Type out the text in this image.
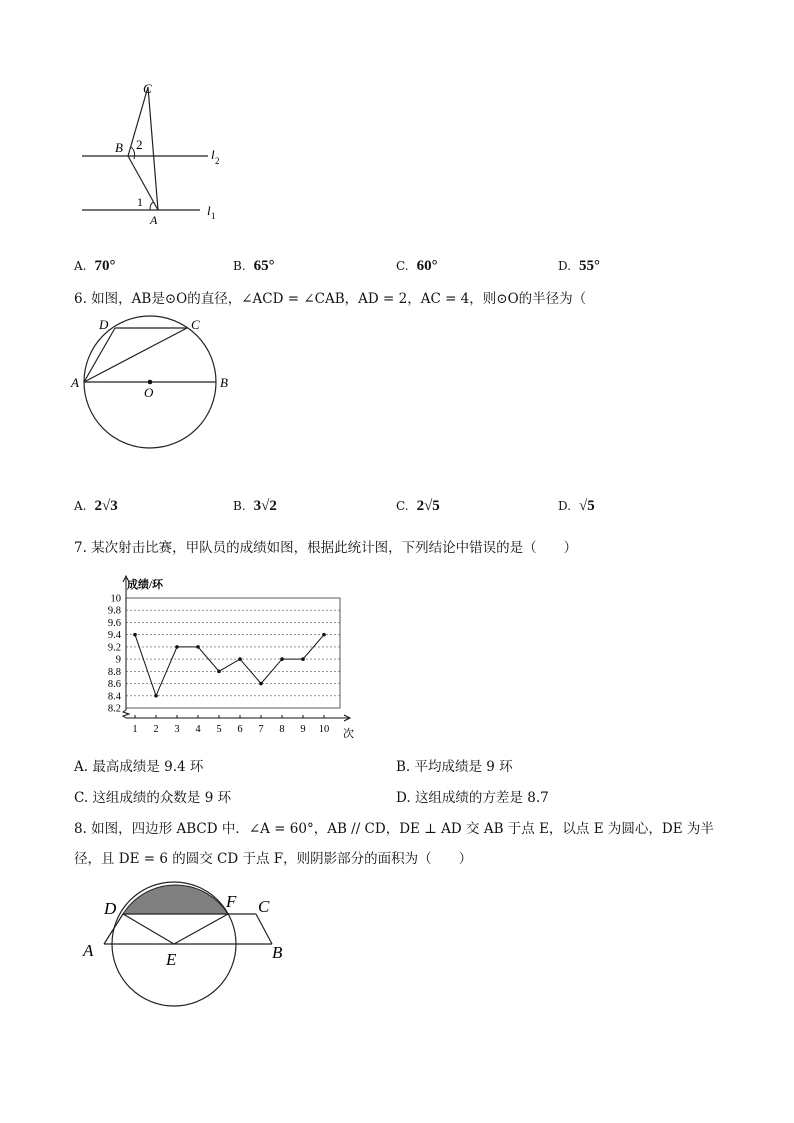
C
B 2
1
A
l 2
l 1
A. 70°	B. 65°	C. 60°	D. 55°
6. 如图，AB是⊙O的直径，∠ACD = ∠CAB，AD = 2，AC = 4，则⊙O的半径为（
D	C
A	B
O
A. 2√3	B. 3√2	C. 2√5	D. √5
7. 某次射击比赛，甲队员的成绩如图，根据此统计图，下列结论中错误的是（　　）
8.2
8.4
8.6
8.8
9
9.2
9.4
9.6
9.8
10
1 2 3 4 5 6 7 8 9 10
成绩/环
次
A. 最高成绩是 9.4 环	B. 平均成绩是 9 环
C. 这组成绩的众数是 9 环	D. 这组成绩的方差是 8.7
8. 如图，四边形 ABCD 中．∠A = 60°，AB // CD，DE ⊥ AD 交 AB 于点 E，以点 E 为圆心，DE 为半
径，且 DE = 6 的圆交 CD 于点 F，则阴影部分的面积为（　　）
D	F C
A	E	B
